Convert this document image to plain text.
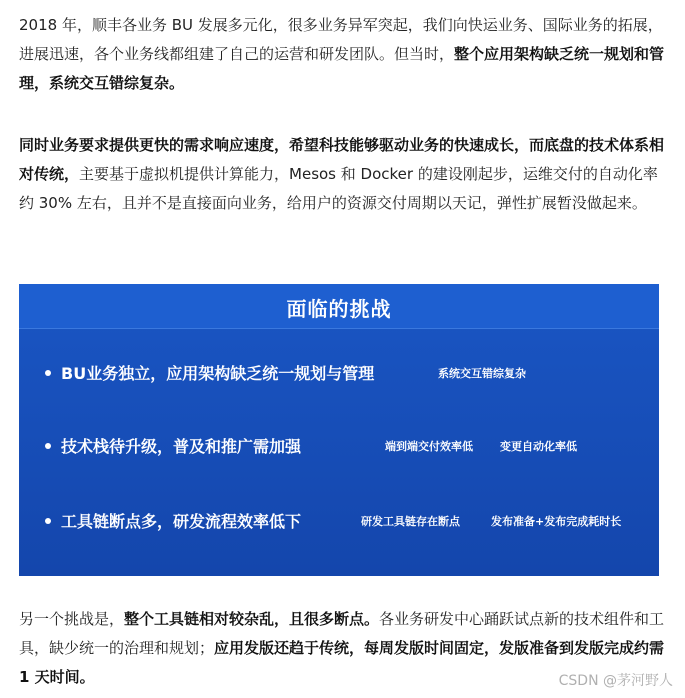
2018 年，顺丰各业务 BU 发展多元化，很多业务异军突起，我们向快运业务、国际业务的拓展，进展迅速，各个业务线都组建了自己的运营和研发团队。但当时，整个应用架构缺乏统一规划和管理，系统交互错综复杂。

同时业务要求提供更快的需求响应速度，希望科技能够驱动业务的快速成长，而底盘的技术体系相对传统，主要基于虚拟机提供计算能力，Mesos 和 Docker 的建设刚起步，运维交付的自动化率约 30% 左右，且并不是直接面向业务，给用户的资源交付周期以天记，弹性扩展暂没做起来。

面临的挑战
BU业务独立，应用架构缺乏统一规划与管理	系统交互错综复杂
技术栈待升级，普及和推广需加强	端到端交付效率低 变更自动化率低
工具链断点多，研发流程效率低下	研发工具链存在断点	发布准备+发布完成耗时长

另一个挑战是，整个工具链相对较杂乱，且很多断点。各业务研发中心踊跃试点新的技术组件和工具，缺少统一的治理和规划；应用发版还趋于传统，每周发版时间固定，发版准备到发版完成约需 1 天时间。	CSDN @茅河野人
